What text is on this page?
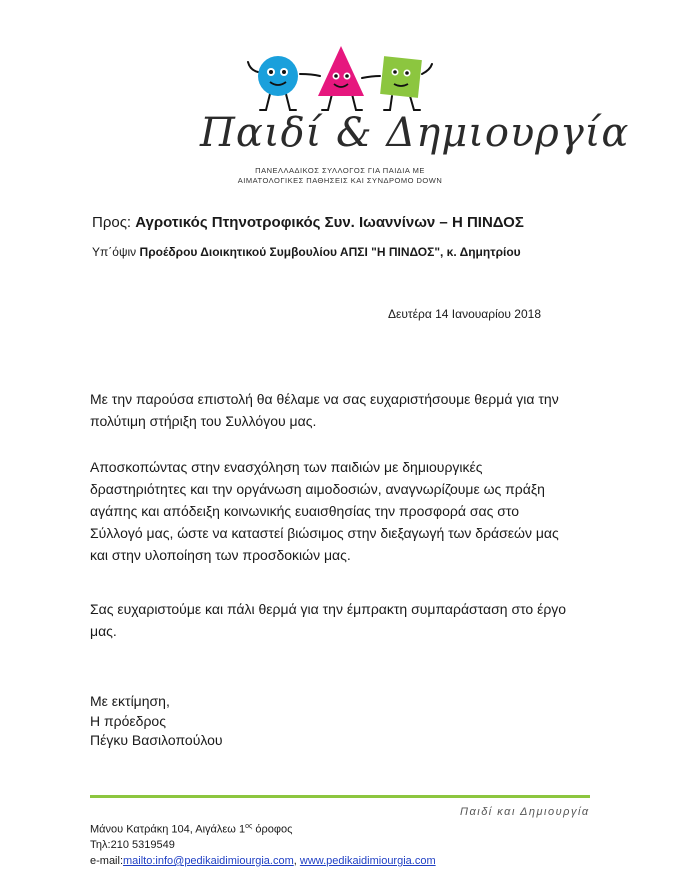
Παιδί & Δημιουργία
ΠΑΝΕΛΛΑΔΙΚΟΣ ΣΥΛΛΟΓΟΣ ΓΙΑ ΠΑΙΔΙΑ ΜΕ
ΑΙΜΑΤΟΛΟΓΙΚΕΣ ΠΑΘΗΣΕΙΣ ΚΑΙ ΣΥΝΔΡΟΜΟ DOWN
Προς: Αγροτικός Πτηνοτροφικός Συν. Ιωαννίνων – Η ΠΙΝΔΟΣ
Υπ΄όψιν Προέδρου Διοικητικού Συμβουλίου ΑΠΣΙ "Η ΠΙΝΔΟΣ", κ. Δημητρίου
Δευτέρα 14 Ιανουαρίου 2018
Με την παρούσα επιστολή θα θέλαμε να σας ευχαριστήσουμε θερμά για την
πολύτιμη στήριξη του Συλλόγου μας.
Αποσκοπώντας στην ενασχόληση των παιδιών με δημιουργικές
δραστηριότητες και την οργάνωση αιμοδοσιών, αναγνωρίζουμε ως πράξη
αγάπης και απόδειξη κοινωνικής ευαισθησίας την προσφορά σας στο
Σύλλογό μας, ώστε να καταστεί βιώσιμος στην διεξαγωγή των δράσεών μας
και στην υλοποίηση των προσδοκιών μας.
Σας ευχαριστούμε και πάλι θερμά για την έμπρακτη συμπαράσταση στο έργο
μας.
Με εκτίμηση,
Η πρόεδρος
Πέγκυ Βασιλοπούλου
Παιδί και Δημιουργία
Μάνου Κατράκη 104, Αιγάλεω $1^{o\varsigma}$ όροφος
Τηλ:210 5319549
e-mail:mailto:info@pedikaidimiourgia.com, www.pedikaidimiourgia.com
